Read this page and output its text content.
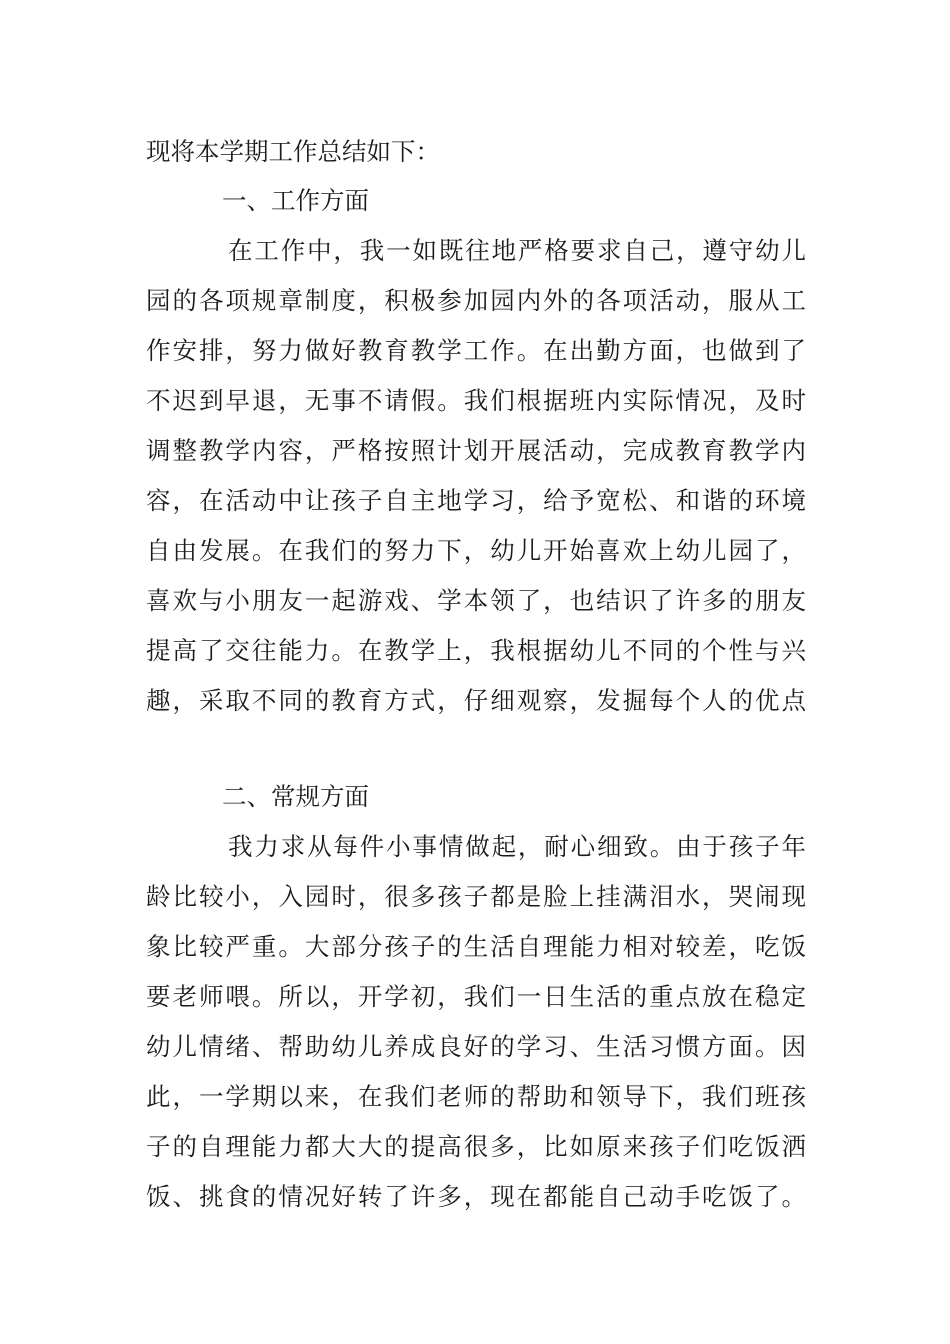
现将本学期工作总结如下：
一、工作方面
在工作中，我一如既往地严格要求自己，遵守幼儿
园的各项规章制度，积极参加园内外的各项活动，服从工
作安排，努力做好教育教学工作。在出勤方面，也做到了
不迟到早退，无事不请假。我们根据班内实际情况，及时
调整教学内容，严格按照计划开展活动，完成教育教学内
容，在活动中让孩子自主地学习，给予宽松、和谐的环境
自由发展。在我们的努力下，幼儿开始喜欢上幼儿园了，
喜欢与小朋友一起游戏、学本领了，也结识了许多的朋友
提高了交往能力。在教学上，我根据幼儿不同的个性与兴
趣，采取不同的教育方式，仔细观察，发掘每个人的优点
二、常规方面
我力求从每件小事情做起，耐心细致。由于孩子年
龄比较小，入园时，很多孩子都是脸上挂满泪水，哭闹现
象比较严重。大部分孩子的生活自理能力相对较差，吃饭
要老师喂。所以，开学初，我们一日生活的重点放在稳定
幼儿情绪、帮助幼儿养成良好的学习、生活习惯方面。因
此，一学期以来，在我们老师的帮助和领导下，我们班孩
子的自理能力都大大的提高很多，比如原来孩子们吃饭洒
饭、挑食的情况好转了许多，现在都能自己动手吃饭了。
